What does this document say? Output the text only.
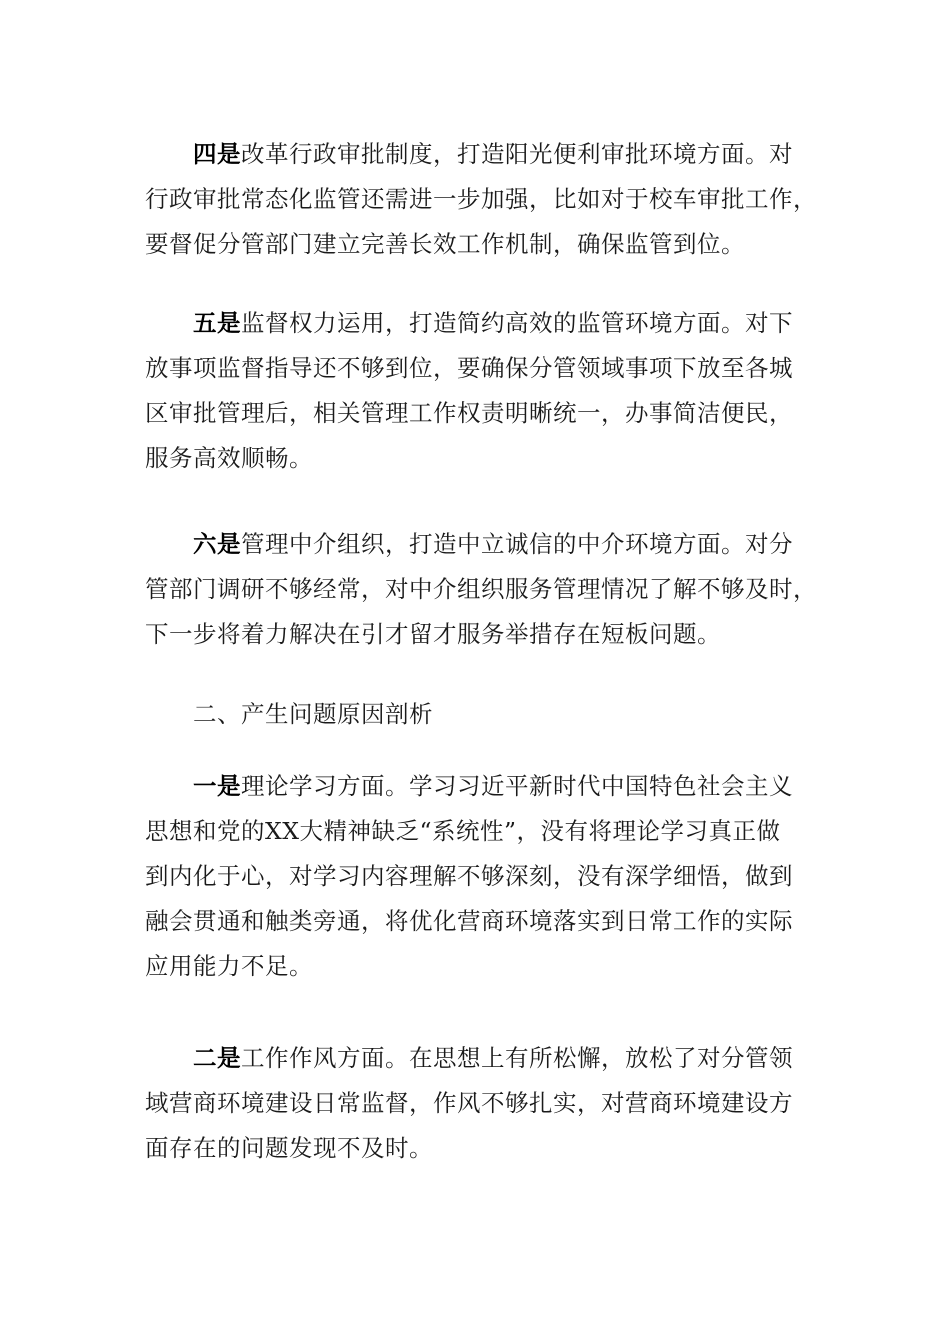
四是改革行政审批制度，打造阳光便利审批环境方面。对
行政审批常态化监管还需进一步加强，比如对于校车审批工作，
要督促分管部门建立完善长效工作机制，确保监管到位。

五是监督权力运用，打造简约高效的监管环境方面。对下
放事项监督指导还不够到位，要确保分管领域事项下放至各城
区审批管理后，相关管理工作权责明晰统一，办事简洁便民，
服务高效顺畅。

六是管理中介组织，打造中立诚信的中介环境方面。对分
管部门调研不够经常，对中介组织服务管理情况了解不够及时，
下一步将着力解决在引才留才服务举措存在短板问题。

二、产生问题原因剖析

一是理论学习方面。学习习近平新时代中国特色社会主义
思想和党的XX大精神缺乏“系统性”，没有将理论学习真正做
到内化于心，对学习内容理解不够深刻，没有深学细悟，做到
融会贯通和触类旁通，将优化营商环境落实到日常工作的实际
应用能力不足。

二是工作作风方面。在思想上有所松懈，放松了对分管领
域营商环境建设日常监督，作风不够扎实，对营商环境建设方
面存在的问题发现不及时。
